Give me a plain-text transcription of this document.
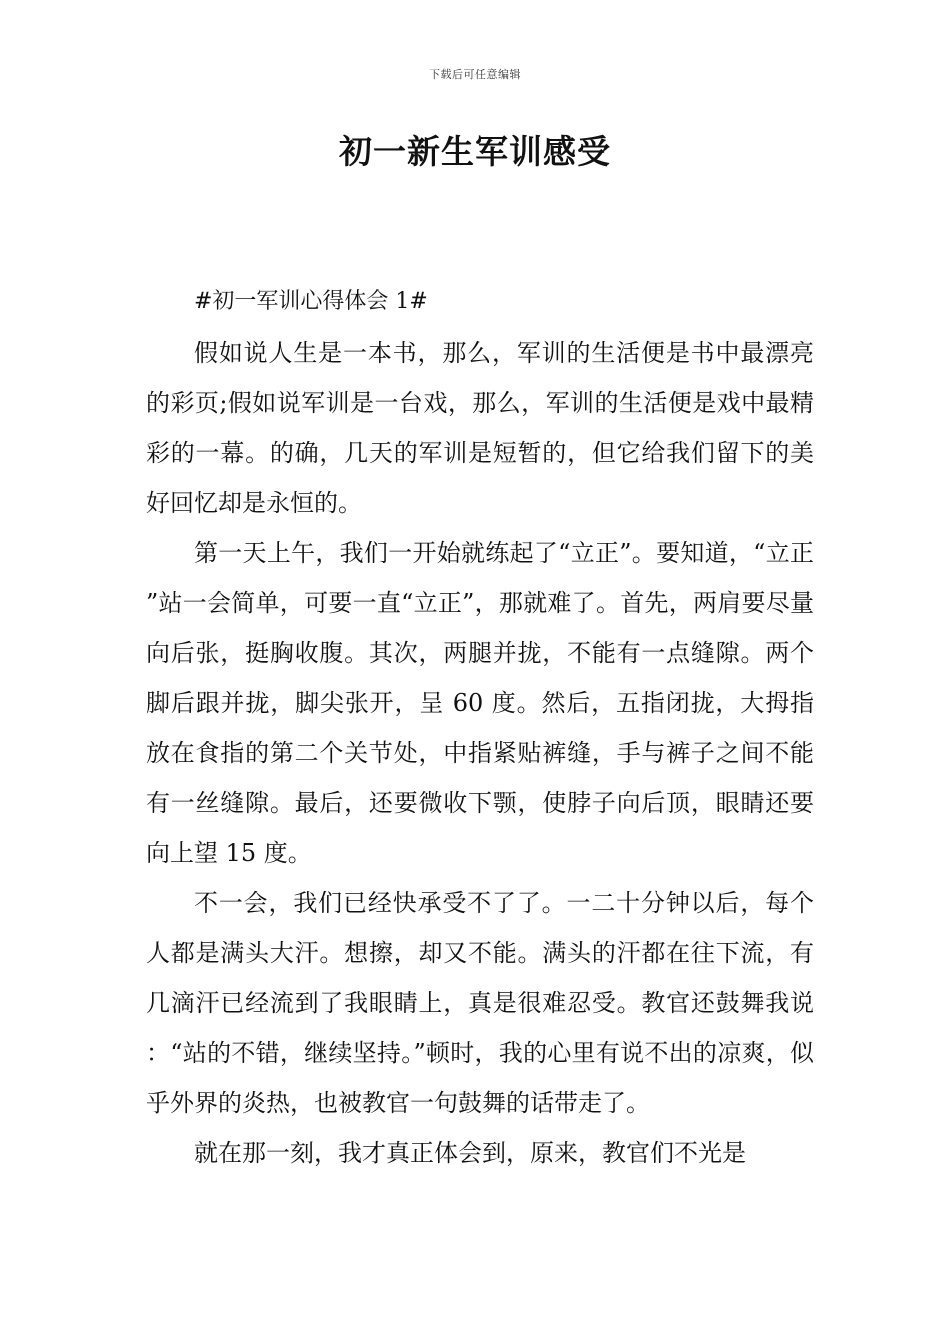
下载后可任意编辑
初一新生军训感受
#初一军训心得体会 1#

假如说人生是一本书，那么，军训的生活便是书中最漂亮的彩页;假如说军训是一台戏，那么，军训的生活便是戏中最精彩的一幕。的确，几天的军训是短暂的，但它给我们留下的美好回忆却是永恒的。

第一天上午，我们一开始就练起了“立正”。要知道，“立正”站一会简单，可要一直“立正”，那就难了。首先，两肩要尽量向后张，挺胸收腹。其次，两腿并拢，不能有一点缝隙。两个脚后跟并拢，脚尖张开，呈 60 度。然后，五指闭拢，大拇指放在食指的第二个关节处，中指紧贴裤缝，手与裤子之间不能有一丝缝隙。最后，还要微收下颚，使脖子向后顶，眼睛还要向上望 15 度。

不一会，我们已经快承受不了了。一二十分钟以后，每个人都是满头大汗。想擦，却又不能。满头的汗都在往下流，有几滴汗已经流到了我眼睛上，真是很难忍受。教官还鼓舞我说：“站的不错，继续坚持。”顿时，我的心里有说不出的凉爽，似乎外界的炎热，也被教官一句鼓舞的话带走了。

就在那一刻，我才真正体会到，原来，教官们不光是
